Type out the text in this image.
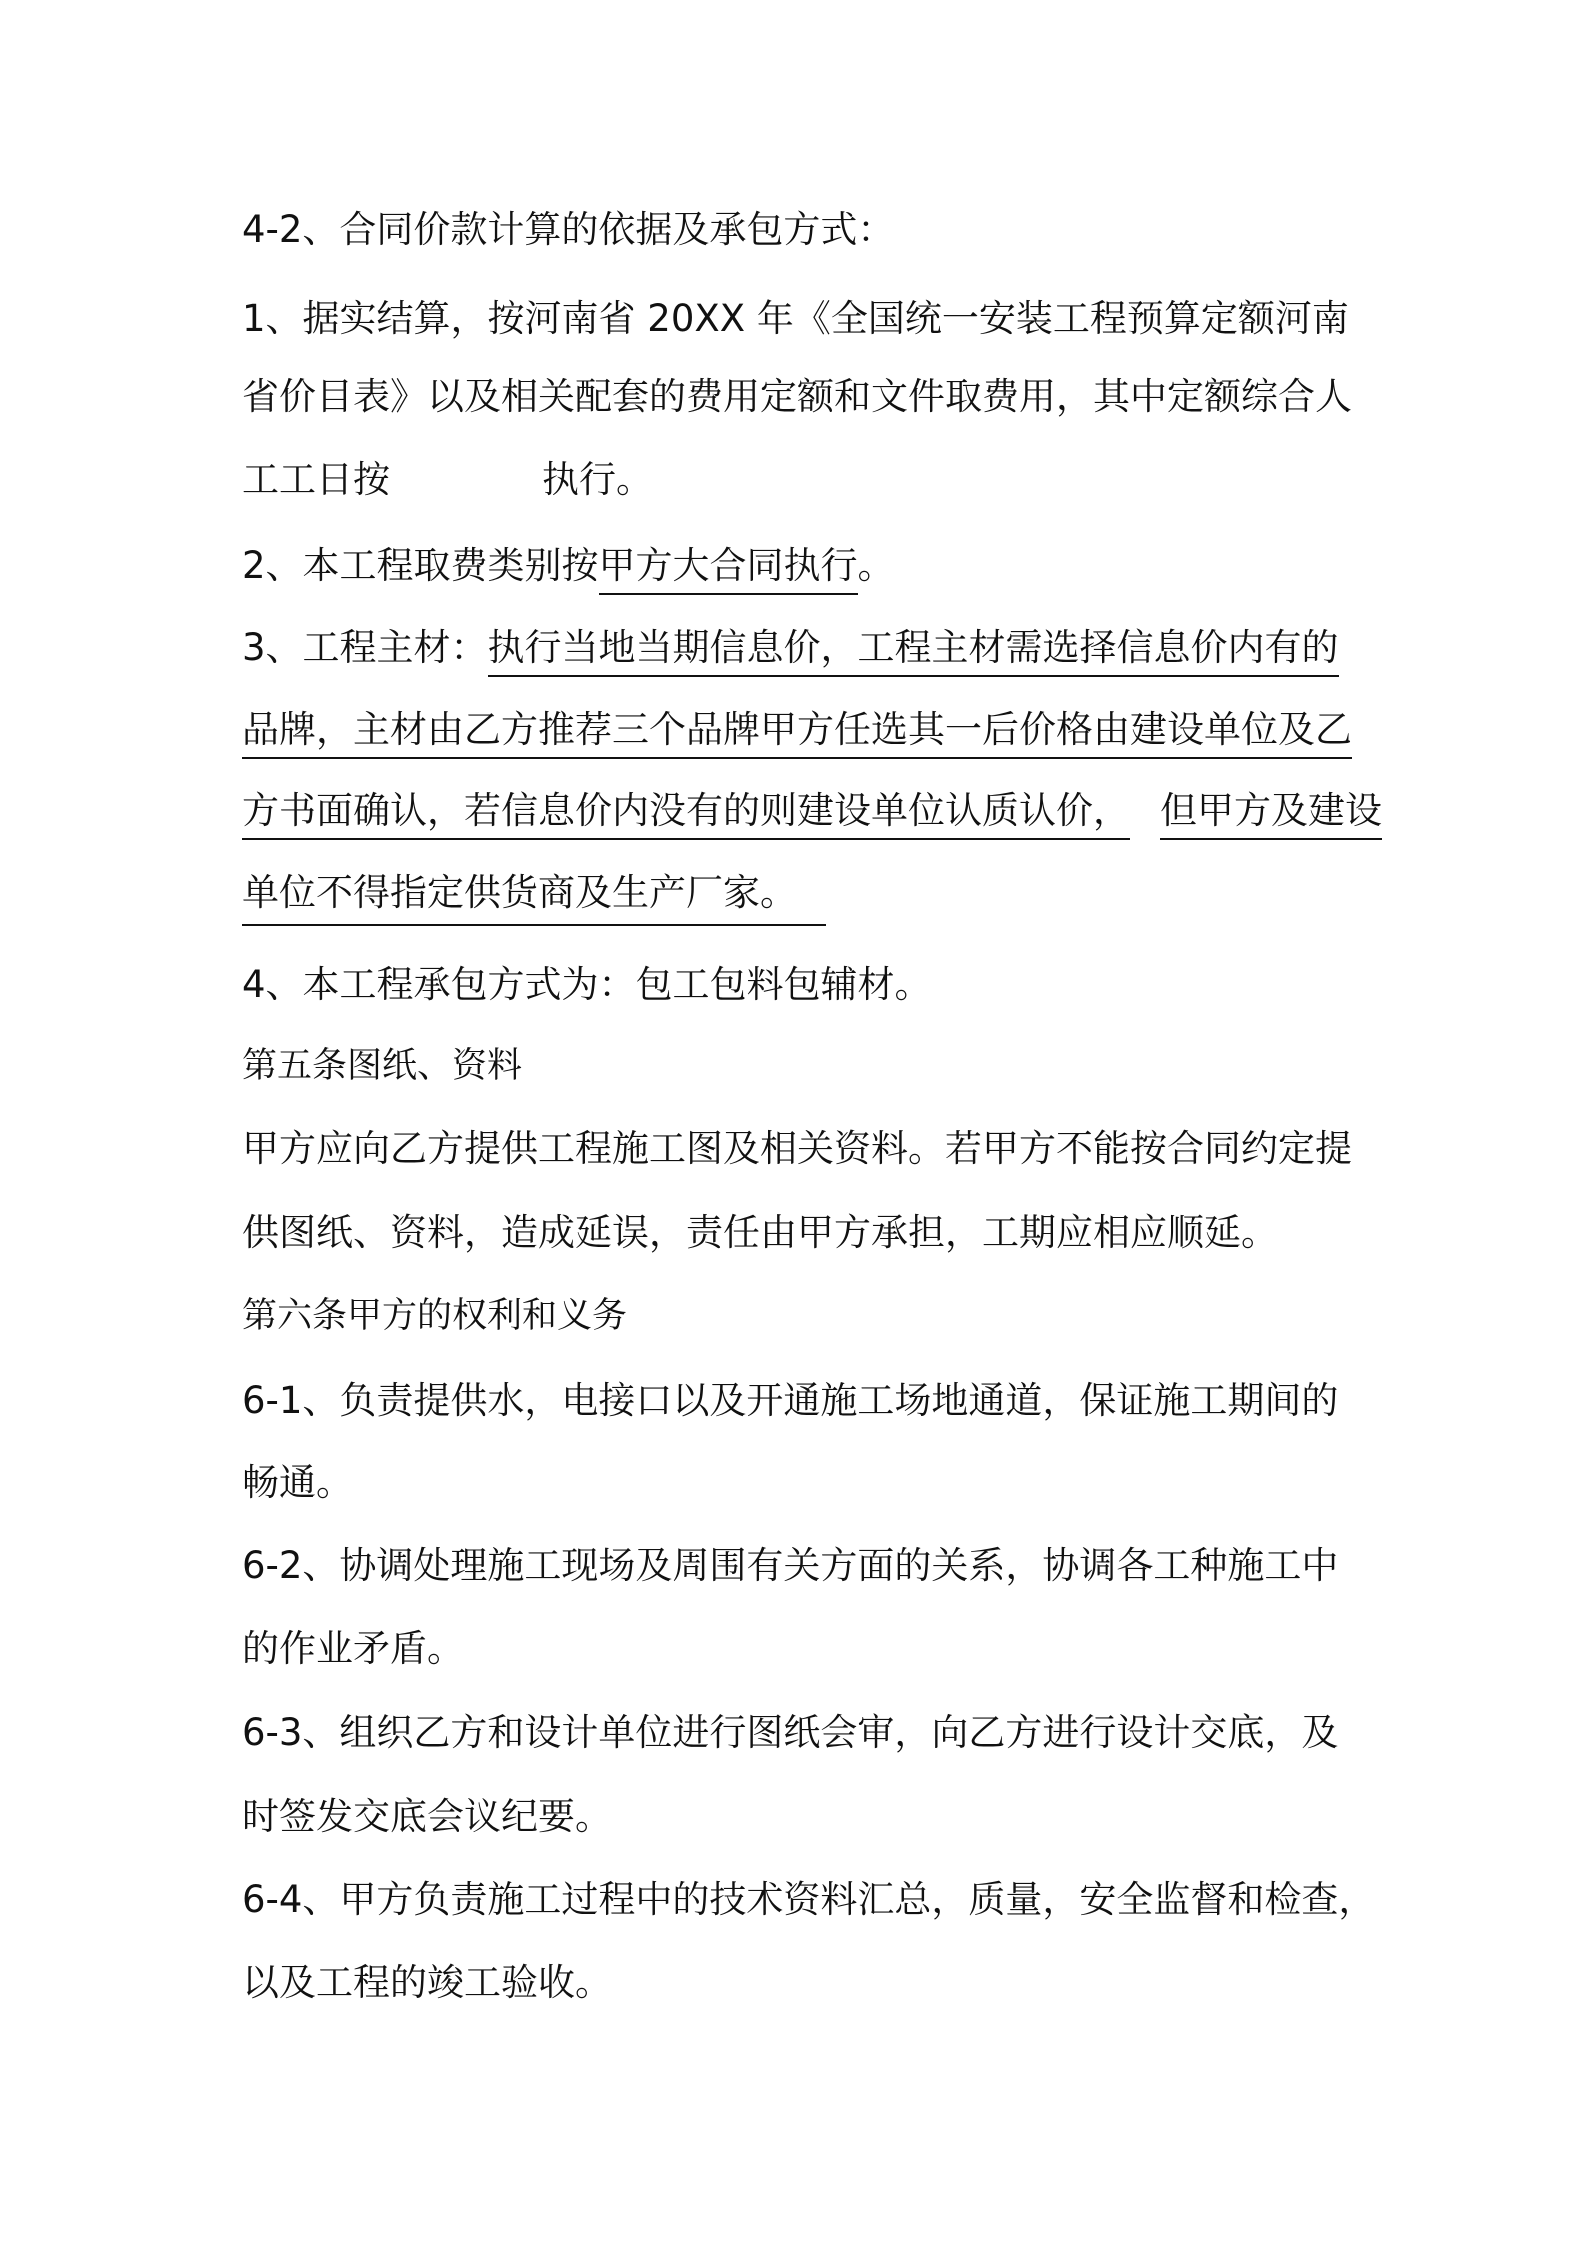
4-2、合同价款计算的依据及承包方式：
1、据实结算，按河南省 20XX 年《全国统一安装工程预算定额河南
省价目表》以及相关配套的费用定额和文件取费用，其中定额综合人
工工日按	执行。
2、本工程取费类别按甲方大合同执行。
3、工程主材：执行当地当期信息价，工程主材需选择信息价内有的
品牌，主材由乙方推荐三个品牌甲方任选其一后价格由建设单位及乙
方书面确认，若信息价内没有的则建设单位认质认价， 但甲方及建设
单位不得指定供货商及生产厂家。
4、本工程承包方式为：包工包料包辅材。
第五条图纸、资料
甲方应向乙方提供工程施工图及相关资料。若甲方不能按合同约定提
供图纸、资料，造成延误，责任由甲方承担，工期应相应顺延。
第六条甲方的权利和义务
6-1、负责提供水，电接口以及开通施工场地通道，保证施工期间的
畅通。
6-2、协调处理施工现场及周围有关方面的关系，协调各工种施工中
的作业矛盾。
6-3、组织乙方和设计单位进行图纸会审，向乙方进行设计交底，及
时签发交底会议纪要。
6-4、甲方负责施工过程中的技术资料汇总，质量，安全监督和检查，
以及工程的竣工验收。
